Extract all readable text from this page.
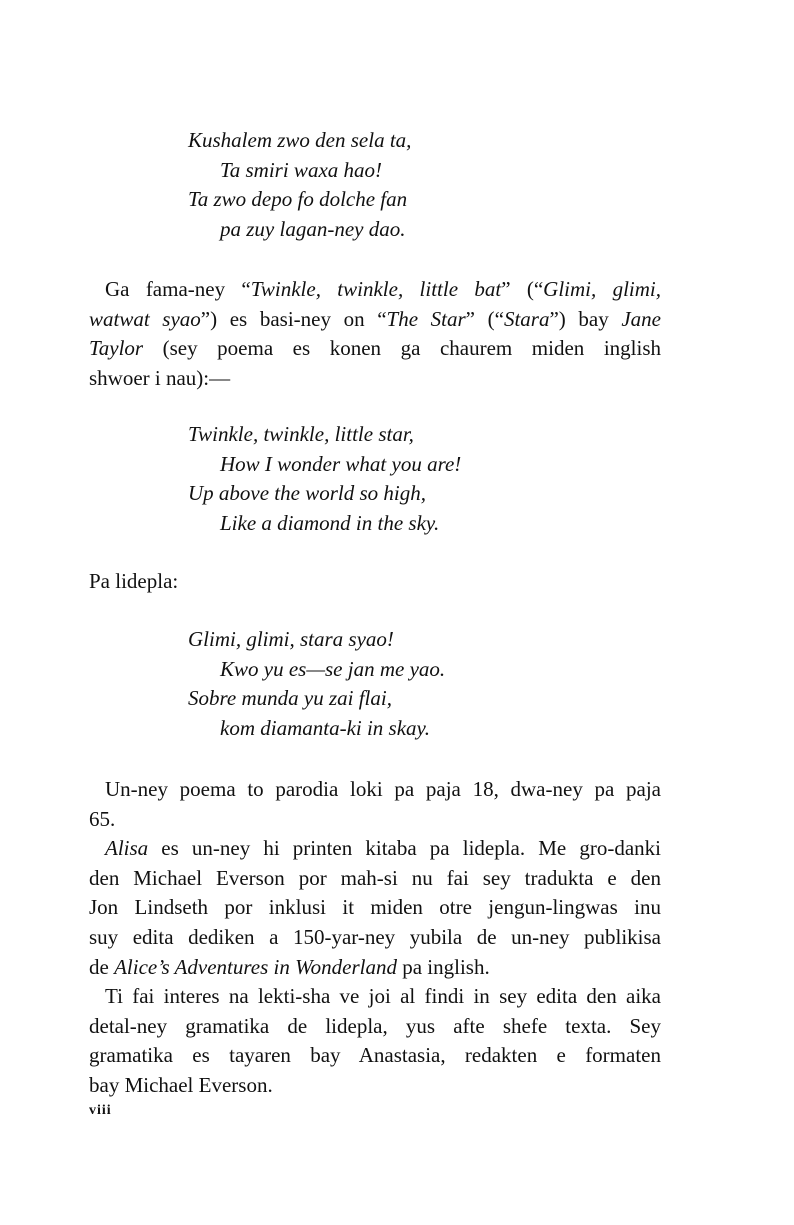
Kushalem zwo den sela ta,
Ta smiri waxa hao!
Ta zwo depo fo dolche fan
pa zuy lagan-ney dao.
Ga fama-ney “Twinkle, twinkle, little bat” (“Glimi, glimi,
watwat syao”) es basi-ney on “The Star” (“Stara”) bay Jane
Taylor (sey poema es konen ga chaurem miden inglish
shwoer i nau):—
Twinkle, twinkle, little star,
How I wonder what you are!
Up above the world so high,
Like a diamond in the sky.
Pa lidepla:
Glimi, glimi, stara syao!
Kwo yu es—se jan me yao.
Sobre munda yu zai flai,
kom diamanta-ki in skay.
Un-ney poema to parodia loki pa paja 18, dwa-ney pa paja
65.
Alisa es un-ney hi printen kitaba pa lidepla. Me gro-danki
den Michael Everson por mah-si nu fai sey tradukta e den
Jon Lindseth por inklusi it miden otre jengun-lingwas inu
suy edita dediken a 150-yar-ney yubila de un-ney publikisa
de Alice’s Adventures in Wonderland pa inglish.
Ti fai interes na lekti-sha ve joi al findi in sey edita den aika
detal-ney gramatika de lidepla, yus afte shefe texta. Sey
gramatika es tayaren bay Anastasia, redakten e formaten
bay Michael Everson.
viii
